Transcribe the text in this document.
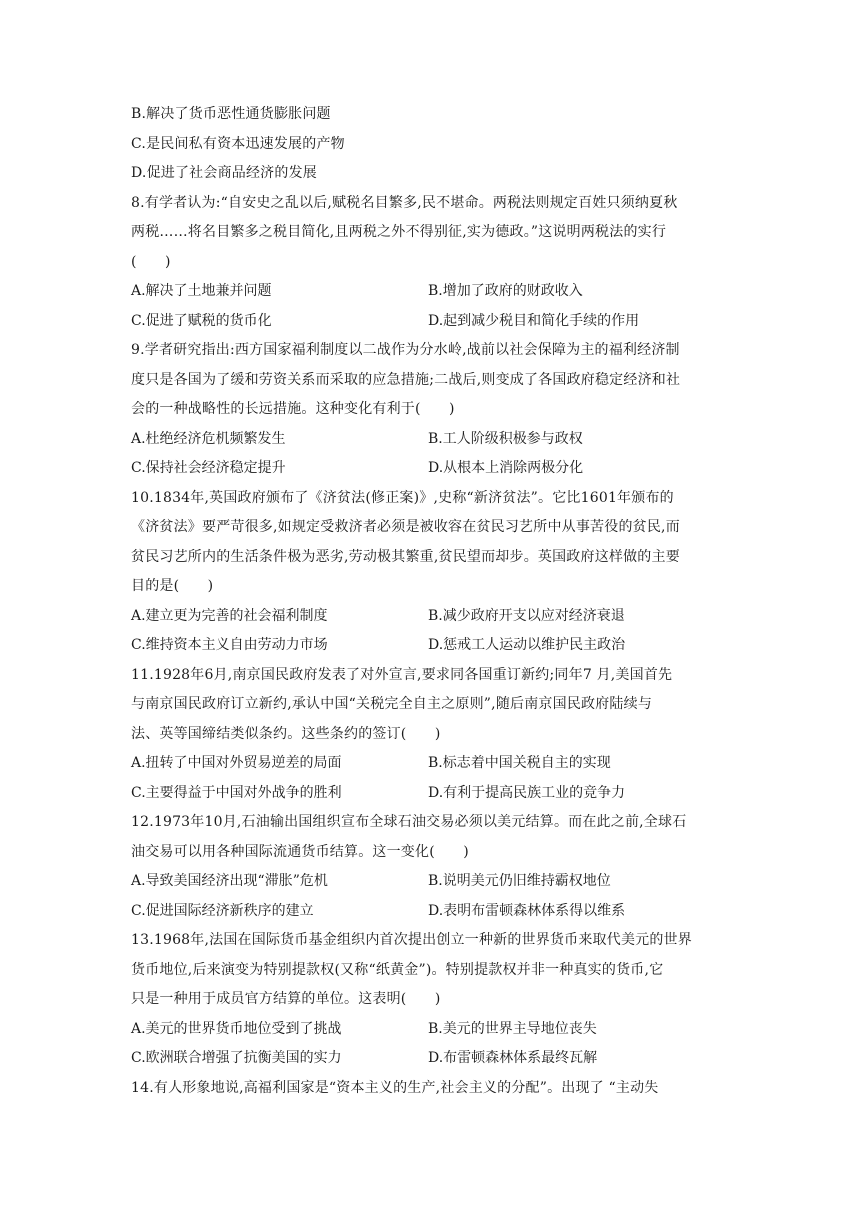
B.解决了货币恶性通货膨胀问题
C.是民间私有资本迅速发展的产物
D.促进了社会商品经济的发展
8.有学者认为:“自安史之乱以后,赋税名目繁多,民不堪命。两税法则规定百姓只须纳夏秋
两税……将名目繁多之税目简化,且两税之外不得别征,实为德政。”这说明两税法的实行
(　　)
A.解决了土地兼并问题	B.增加了政府的财政收入
C.促进了赋税的货币化	D.起到减少税目和简化手续的作用
9.学者研究指出:西方国家福利制度以二战作为分水岭,战前以社会保障为主的福利经济制
度只是各国为了缓和劳资关系而采取的应急措施;二战后,则变成了各国政府稳定经济和社
会的一种战略性的长远措施。这种变化有利于(　　)
A.杜绝经济危机频繁发生	B.工人阶级积极参与政权
C.保持社会经济稳定提升	D.从根本上消除两极分化
10.1834年,英国政府颁布了《济贫法(修正案)》,史称“新济贫法”。它比1601年颁布的
《济贫法》要严苛很多,如规定受救济者必须是被收容在贫民习艺所中从事苦役的贫民,而
贫民习艺所内的生活条件极为恶劣,劳动极其繁重,贫民望而却步。英国政府这样做的主要
目的是(　　)
A.建立更为完善的社会福利制度	B.减少政府开支以应对经济衰退
C.维持资本主义自由劳动力市场	D.惩戒工人运动以维护民主政治
11.1928年6月,南京国民政府发表了对外宣言,要求同各国重订新约;同年7 月,美国首先
与南京国民政府订立新约,承认中国“关税完全自主之原则”,随后南京国民政府陆续与
法、英等国缔结类似条约。这些条约的签订(　　)
A.扭转了中国对外贸易逆差的局面	B.标志着中国关税自主的实现
C.主要得益于中国对外战争的胜利	D.有利于提高民族工业的竞争力
12.1973年10月,石油输出国组织宣布全球石油交易必须以美元结算。而在此之前,全球石
油交易可以用各种国际流通货币结算。这一变化(　　)
A.导致美国经济出现“滞胀”危机	B.说明美元仍旧维持霸权地位
C.促进国际经济新秩序的建立	D.表明布雷顿森林体系得以维系
13.1968年,法国在国际货币基金组织内首次提出创立一种新的世界货币来取代美元的世界
货币地位,后来演变为特别提款权(又称“纸黄金”)。特别提款权并非一种真实的货币,它
只是一种用于成员官方结算的单位。这表明(　　)
A.美元的世界货币地位受到了挑战	B.美元的世界主导地位丧失
C.欧洲联合增强了抗衡美国的实力	D.布雷顿森林体系最终瓦解
14.有人形象地说,高福利国家是“资本主义的生产,社会主义的分配”。出现了 “主动失
